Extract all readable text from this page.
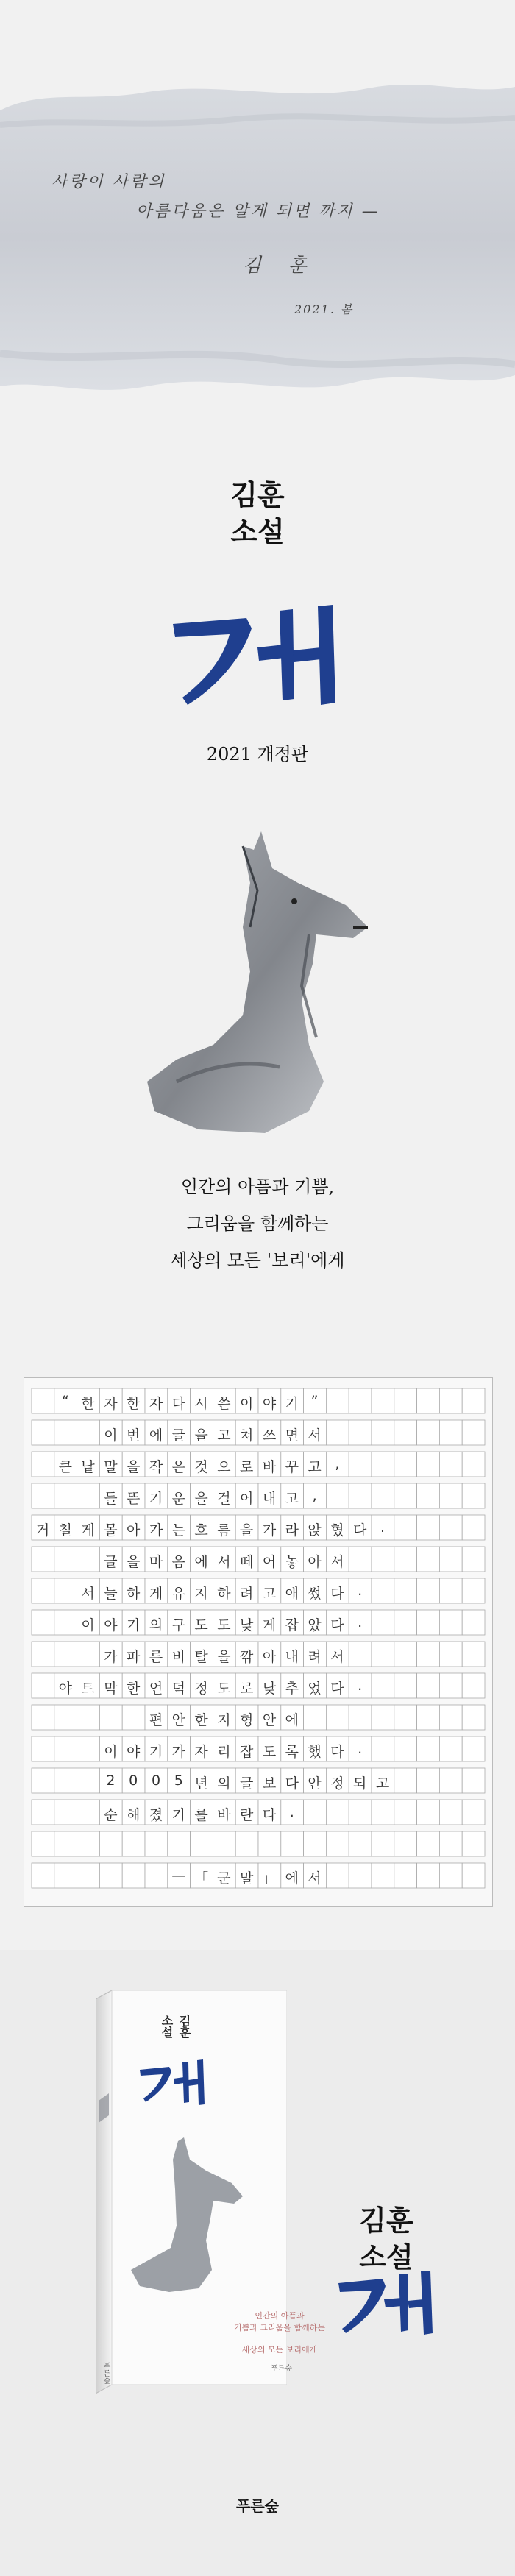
사랑이 사람의
아름다움은 알게 되면 까지 —
김 훈
2021. 봄
김훈
소설
2021 개정판
인간의 아픔과 기쁨,
그리움을 함께하는
세상의 모든 '보리'에게
“ 한 자 한 자 다 시 쓴 이 야 기 ”
이 번 에 글 을 고 쳐 쓰 면 서
큰 낱 말 을 작 은 것 으 로 바 꾸 고 ,
들 뜬 기 운 을 걸 어 내 고 ,
거 칠 게 몰 아 가 는 흐 름 을 가 라 앉 혔 다 .
글 을 마 음 에 서 떼 어 놓 아 서
서 늘 하 게 유 지 하 려 고 애 썼 다 .
이 야 기 의 구 도 도 낮 게 잡 았 다 .
가 파 른 비 탈 을 깎 아 내 려 서
야 트 막 한 언 덕 정 도 로 낮 추 었 다 .
편 안 한 지 형 안 에
이 야 기 가 자 리 잡 도 록 했 다 .
2 0 0 5 년 의 글 보 다 안 정 되 고
순 해 졌 기 를 바 란 다 .
— 「 군 말 」 에 서
김훈
소설
인간의 아픔과
기쁨과 그리움을 함께하는
세상의 모든 보리에게
푸른숲
푸른숲
김훈
소설
푸른숲
